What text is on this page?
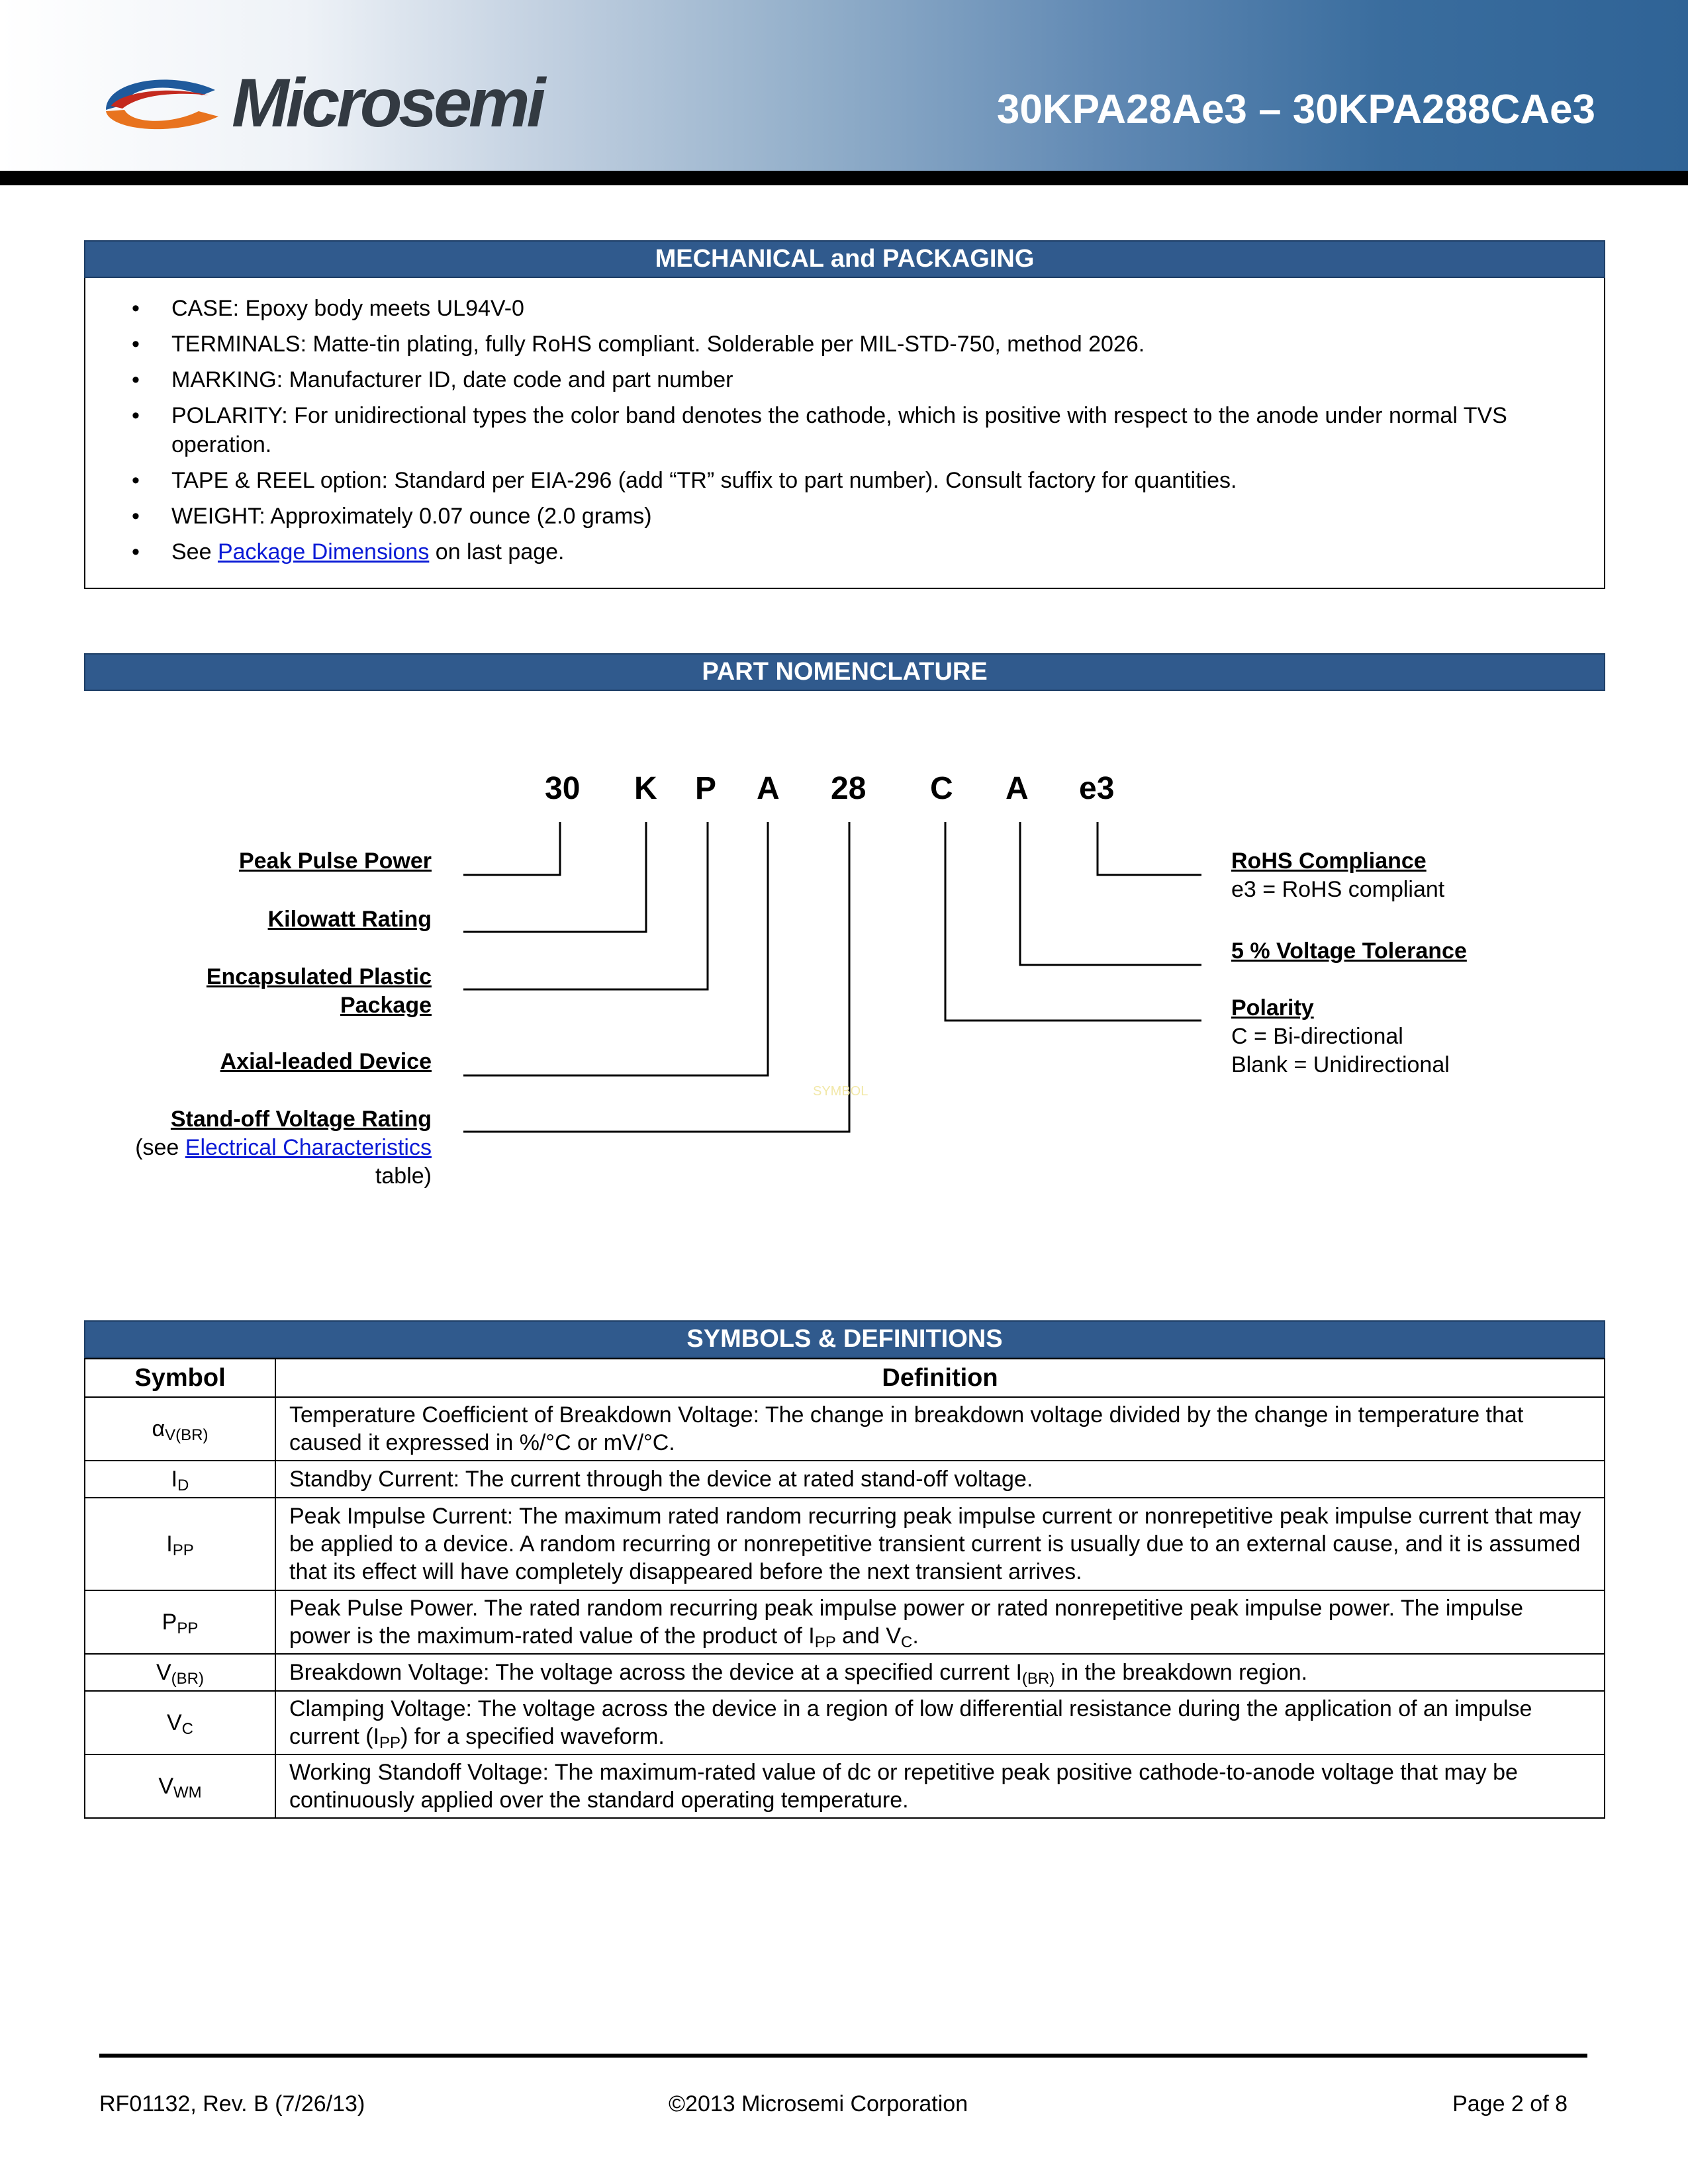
Microsemi	30KPA28Ae3 – 30KPA288CAe3
MECHANICAL and PACKAGING
• CASE: Epoxy body meets UL94V-0
• TERMINALS: Matte-tin plating, fully RoHS compliant. Solderable per MIL-STD-750, method 2026.
• MARKING: Manufacturer ID, date code and part number
• POLARITY: For unidirectional types the color band denotes the cathode, which is positive with respect to the anode under normal TVS operation.
• TAPE & REEL option: Standard per EIA-296 (add “TR” suffix to part number). Consult factory for quantities.
• WEIGHT: Approximately 0.07 ounce (2.0 grams)
• See Package Dimensions on last page.
PART NOMENCLATURE
30 K P A 28 C A e3
Peak Pulse Power
Kilowatt Rating
Encapsulated Plastic
Package
Axial-leaded Device
Stand-off Voltage Rating
(see Electrical Characteristics
table)
RoHS Compliance
e3 = RoHS compliant
5 % Voltage Tolerance
Polarity
C = Bi-directional
Blank = Unidirectional
SYMBOL
SYMBOLS & DEFINITIONS
Symbol	Definition
$\alpha_{V(BR)}$	Temperature Coefficient of Breakdown Voltage: The change in breakdown voltage divided by the change in temperature that caused it expressed in %/°C or mV/°C.
$I_D$	Standby Current: The current through the device at rated stand-off voltage.
$I_{PP}$	Peak Impulse Current: The maximum rated random recurring peak impulse current or nonrepetitive peak impulse current that may be applied to a device. A random recurring or nonrepetitive transient current is usually due to an external cause, and it is assumed that its effect will have completely disappeared before the next transient arrives.
$P_{PP}$	Peak Pulse Power. The rated random recurring peak impulse power or rated nonrepetitive peak impulse power. The impulse power is the maximum-rated value of the product of $I_{PP}$ and $V_C$.
$V_{(BR)}$	Breakdown Voltage: The voltage across the device at a specified current $I_{(BR)}$ in the breakdown region.
$V_C$	Clamping Voltage: The voltage across the device in a region of low differential resistance during the application of an impulse current $(I_{PP})$ for a specified waveform.
$V_{WM}$	Working Standoff Voltage: The maximum-rated value of dc or repetitive peak positive cathode-to-anode voltage that may be continuously applied over the standard operating temperature.
RF01132, Rev. B (7/26/13)	©2013 Microsemi Corporation	Page 2 of 8
